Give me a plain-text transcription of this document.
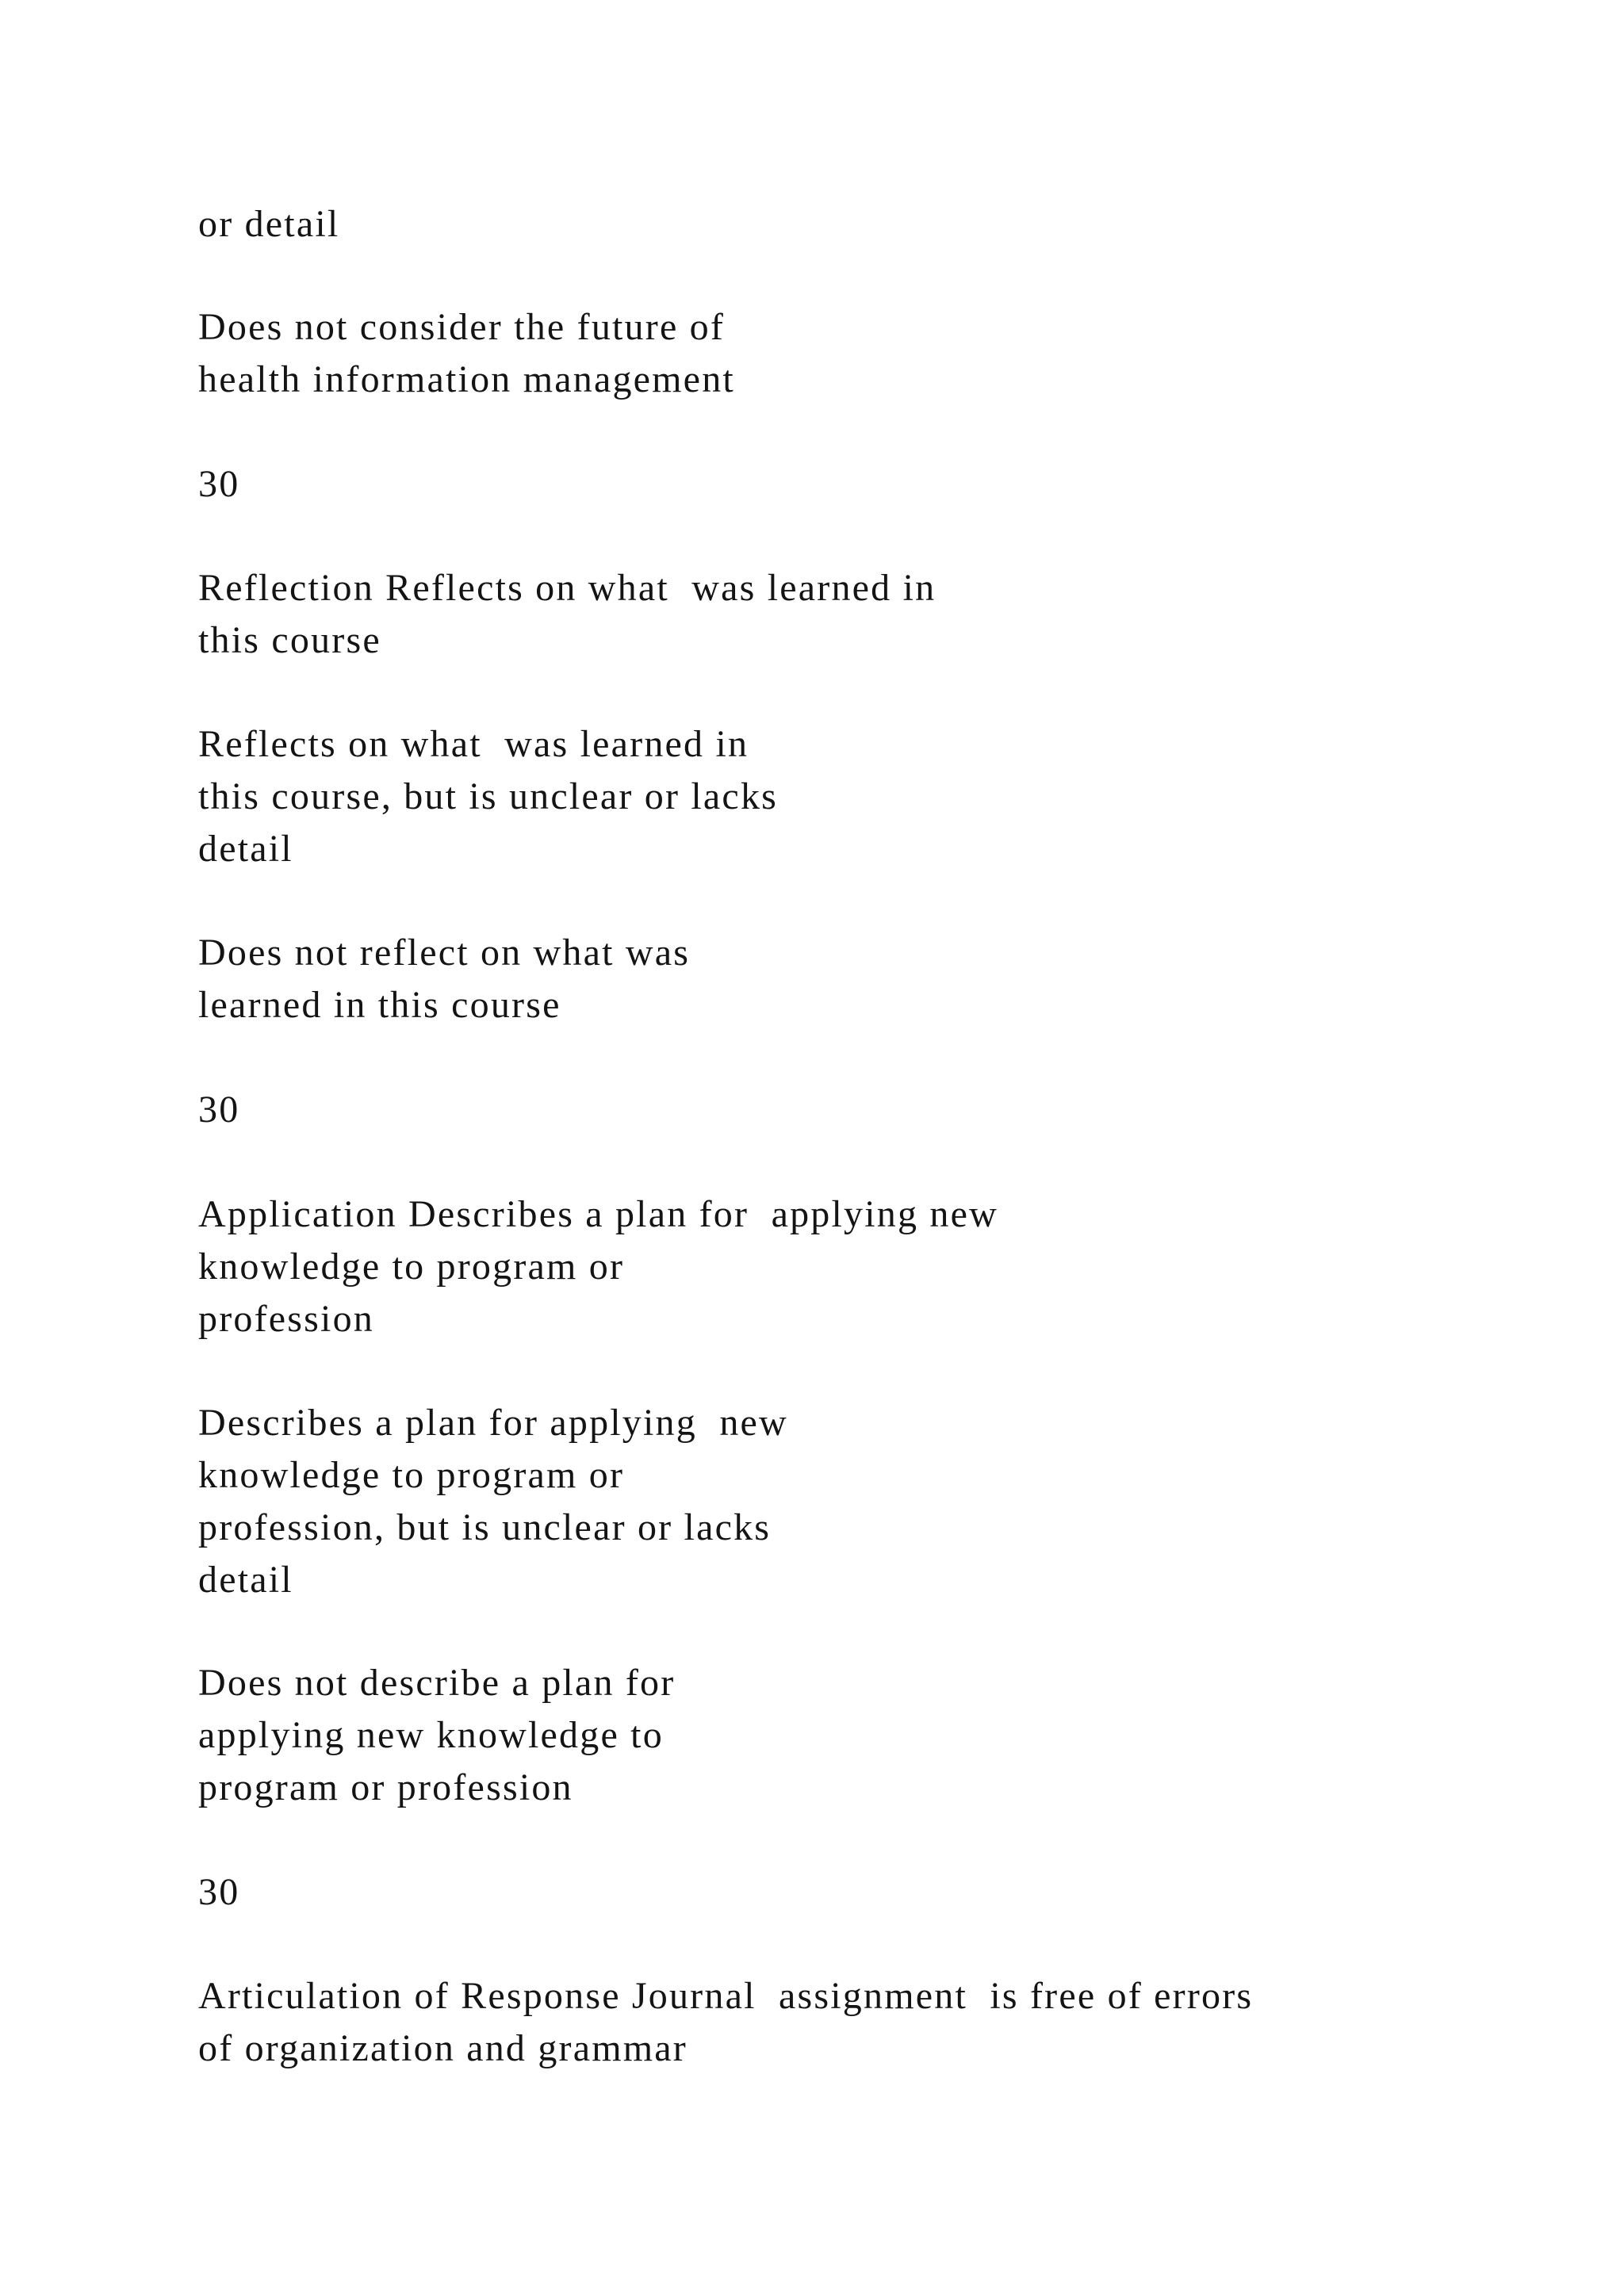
or detail

Does not consider the future of
health information management

30

Reflection Reflects on what  was learned in
this course

Reflects on what  was learned in
this course, but is unclear or lacks
detail

Does not reflect on what was
learned in this course

30

Application Describes a plan for  applying new
knowledge to program or
profession

Describes a plan for applying  new
knowledge to program or
profession, but is unclear or lacks
detail

Does not describe a plan for
applying new knowledge to
program or profession

30

Articulation of Response Journal  assignment  is free of errors
of organization and grammar
